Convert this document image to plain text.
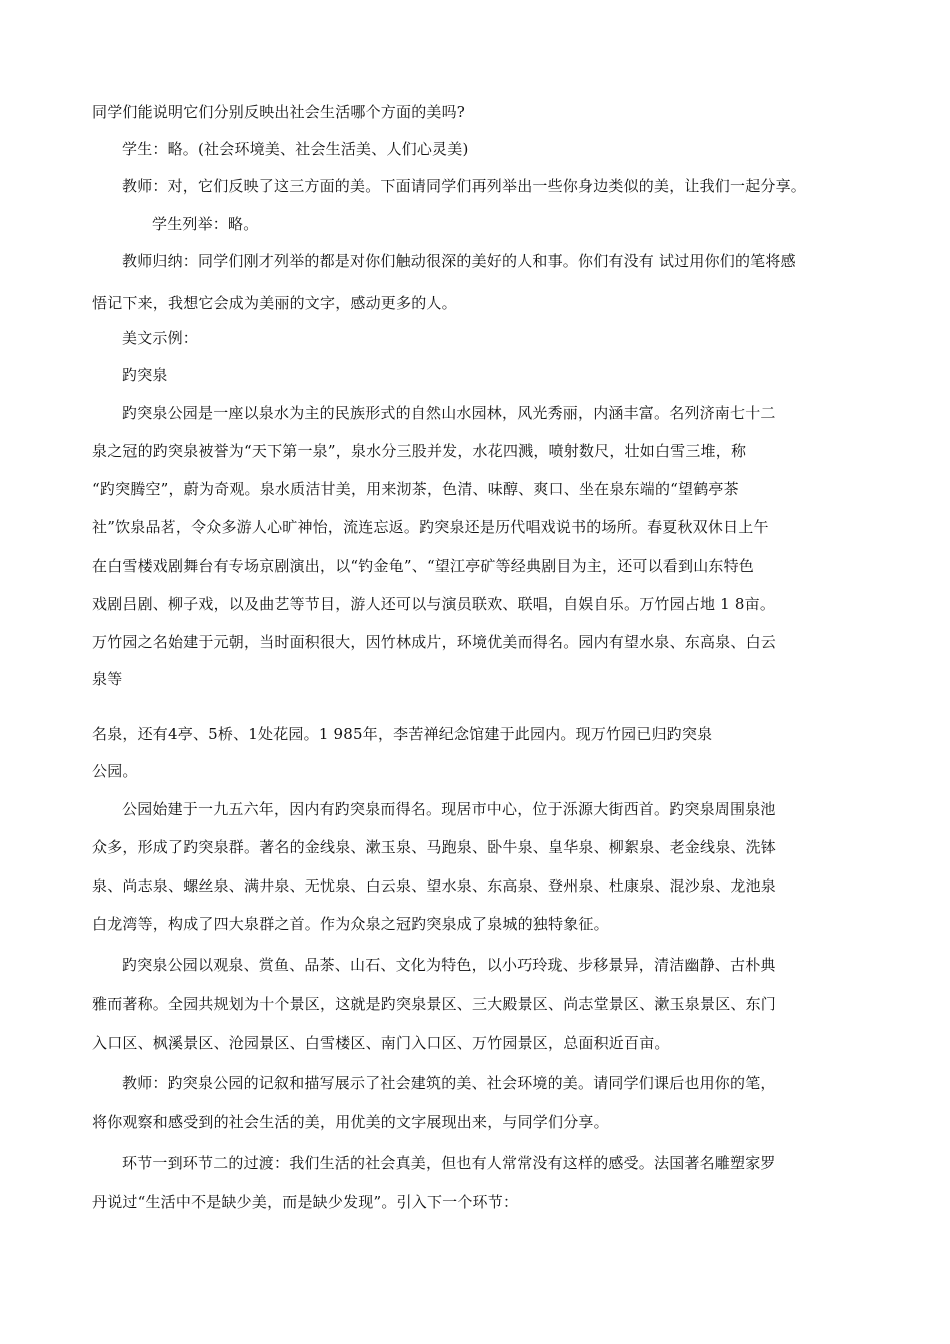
同学们能说明它们分别反映出社会生活哪个方面的美吗?
学生：略。(社会环境美、社会生活美、人们心灵美)
教师：对，它们反映了这三方面的美。下面请同学们再列举出一些你身边类似的美，让我们一起分享。
学生列举：略。
教师归纳：同学们刚才列举的都是对你们触动很深的美好的人和事。你们有没有 试过用你们的笔将感
悟记下来，我想它会成为美丽的文字，感动更多的人。
美文示例：
趵突泉
趵突泉公园是一座以泉水为主的民族形式的自然山水园林，风光秀丽，内涵丰富。名列济南七十二
泉之冠的趵突泉被誉为“天下第一泉”，泉水分三股并发，水花四溅，喷射数尺，壮如白雪三堆，称
“趵突腾空”，蔚为奇观。泉水质洁甘美，用来沏茶，色清、味醇、爽口、坐在泉东端的“望鹤亭茶
社”饮泉品茗，令众多游人心旷神怡，流连忘返。趵突泉还是历代唱戏说书的场所。春夏秋双休日上午
在白雪楼戏剧舞台有专场京剧演出，以“钓金龟”、“望江亭矿等经典剧目为主，还可以看到山东特色
戏剧吕剧、柳子戏，以及曲艺等节目，游人还可以与演员联欢、联唱，自娱自乐。万竹园占地 1 8亩。
万竹园之名始建于元朝，当时面积很大，因竹林成片，环境优美而得名。园内有望水泉、东高泉、白云
泉等
名泉，还有4亭、5桥、1处花园。1 985年，李苦禅纪念馆建于此园内。现万竹园已归趵突泉
公园。
公园始建于一九五六年，因内有趵突泉而得名。现居市中心，位于泺源大街西首。趵突泉周围泉池
众多，形成了趵突泉群。著名的金线泉、漱玉泉、马跑泉、卧牛泉、皇华泉、柳絮泉、老金线泉、洗钵
泉、尚志泉、螺丝泉、满井泉、无忧泉、白云泉、望水泉、东高泉、登州泉、杜康泉、混沙泉、龙池泉
白龙湾等，构成了四大泉群之首。作为众泉之冠趵突泉成了泉城的独特象征。
趵突泉公园以观泉、赏鱼、品茶、山石、文化为特色，以小巧玲珑、步移景异，清洁幽静、古朴典
雅而著称。全园共规划为十个景区，这就是趵突泉景区、三大殿景区、尚志堂景区、漱玉泉景区、东门
入口区、枫溪景区、沧园景区、白雪楼区、南门入口区、万竹园景区，总面积近百亩。
教师：趵突泉公园的记叙和描写展示了社会建筑的美、社会环境的美。请同学们课后也用你的笔，
将你观察和感受到的社会生活的美，用优美的文字展现出来，与同学们分享。
环节一到环节二的过渡：我们生活的社会真美，但也有人常常没有这样的感受。法国著名雕塑家罗
丹说过“生活中不是缺少美，而是缺少发现”。引入下一个环节：
